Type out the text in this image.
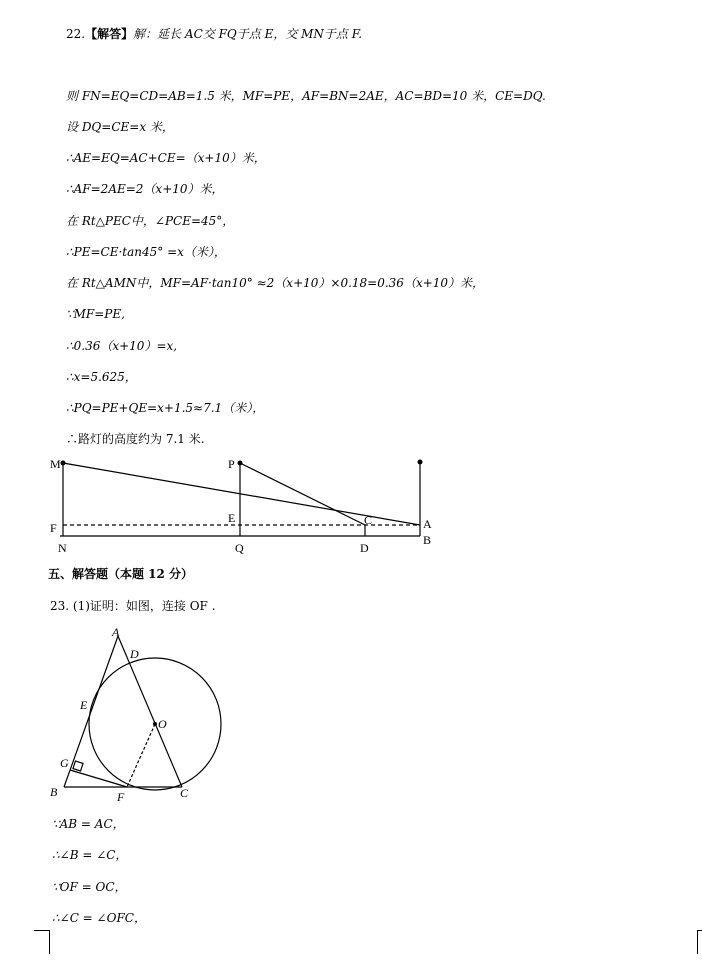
22.【解答】解：延长 AC交 FQ于点 E，交 MN于点 F.
则 FN=EQ=CD=AB=1.5 米，MF=PE，AF=BN=2AE，AC=BD=10 米，CE=DQ.
设 DQ=CE=x 米，
∴AE=EQ=AC+CE=（x+10）米，
∴AF=2AE=2（x+10）米，
在 Rt△PEC中，∠PCE=45°，
∴PE=CE·tan45° =x（米），
在 Rt△AMN中，MF=AF·tan10° ≈2（x+10）×0.18=0.36（x+10）米，
∵MF=PE,
∴0.36（x+10）=x,
∴x=5.625，
∴PQ=PE+QE=x+1.5≈7.1（米），
∴路灯的高度约为 7.1 米.
M
F
N
P
E
Q
C
D
A
B
A
D
E
O
G
B	F	C
五、解答题（本题 12 分）
23. (1)证明：如图，连接 OF .
∵AB = AC，
∴∠B = ∠C，
∵OF = OC，
∴∠C = ∠OFC，
